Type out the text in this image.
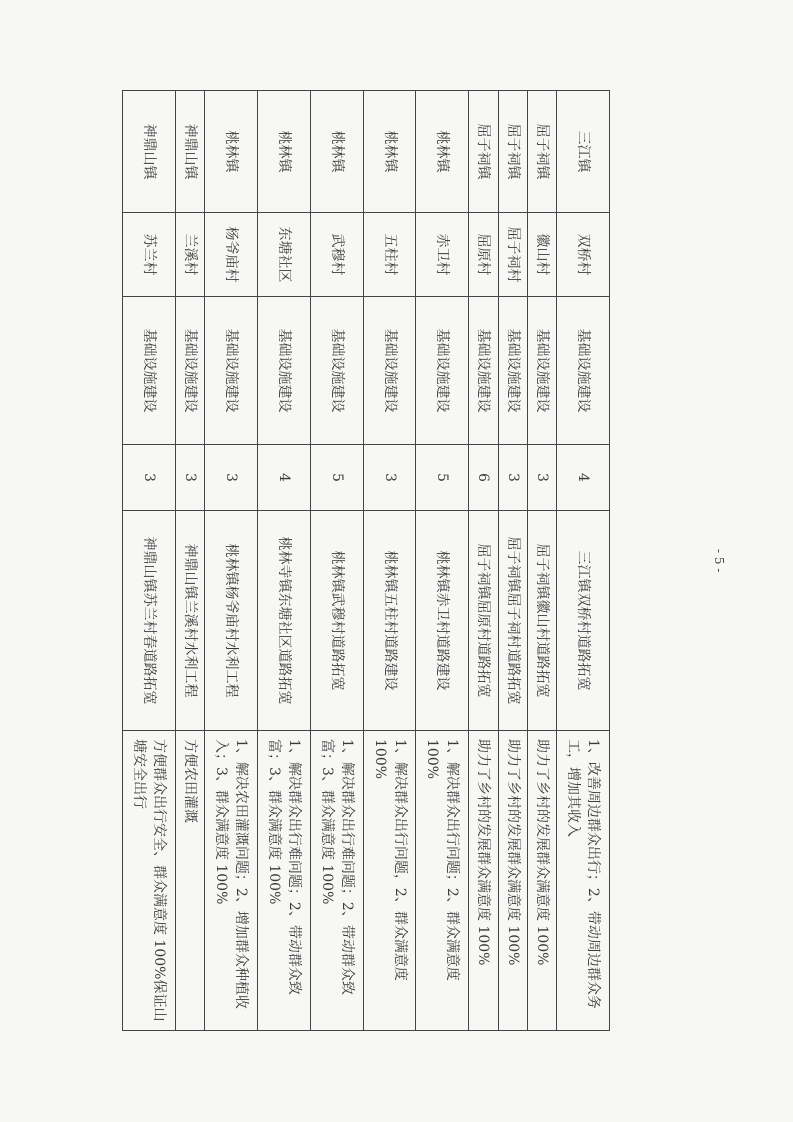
三江镇	双桥村	基础设施建设	4	三江镇双桥村道路拓宽	1、改善周边群众出行；2、带动周边群众务工，增加其收入
屈子祠镇	徽山村	基础设施建设	3	屈子祠镇徽山村道路拓宽	助力了乡村的发展群众满意度 100%
屈子祠镇	屈子祠村	基础设施建设	3	屈子祠镇屈子祠村道路拓宽	助力了乡村的发展群众满意度 100%
屈子祠镇	屈原村	基础设施建设	6	屈子祠镇屈原村道路拓宽	助力了乡村的发展群众满意度 100%
桃林镇	赤卫村	基础设施建设	5	桃林镇赤卫村道路建设	1、解决群众出行问题；2、群众满意度 100%
桃林镇	五柱村	基础设施建设	3	桃林镇五柱村道路建设	1、解决群众出行问题，2、群众满意度 100%
桃林镇	武穆村	基础设施建设	5	桃林镇武穆村道路拓宽	1、解决群众出行难问题；2、带动群众致富；3、群众满意度 100%
桃林镇	东塘社区	基础设施建设	4	桃林寺镇东塘社区道路拓宽	1、解决群众出行难问题；2、带动群众致富；3、群众满意度 100%
桃林镇	杨爷庙村	基础设施建设	3	桃林镇杨爷庙村水利工程	1、解决农田灌溉问题；2、增加群众种植收入；3、群众满意度 100%
神鼎山镇	兰溪村	基础设施建设	3	神鼎山镇兰溪村水利工程	方便农田灌溉
神鼎山镇	苏兰村	基础设施建设	3	神鼎山镇苏兰村春道路拓宽	方便群众出行安全、群众满意度 100%保证山塘安全出行
- 5 -
